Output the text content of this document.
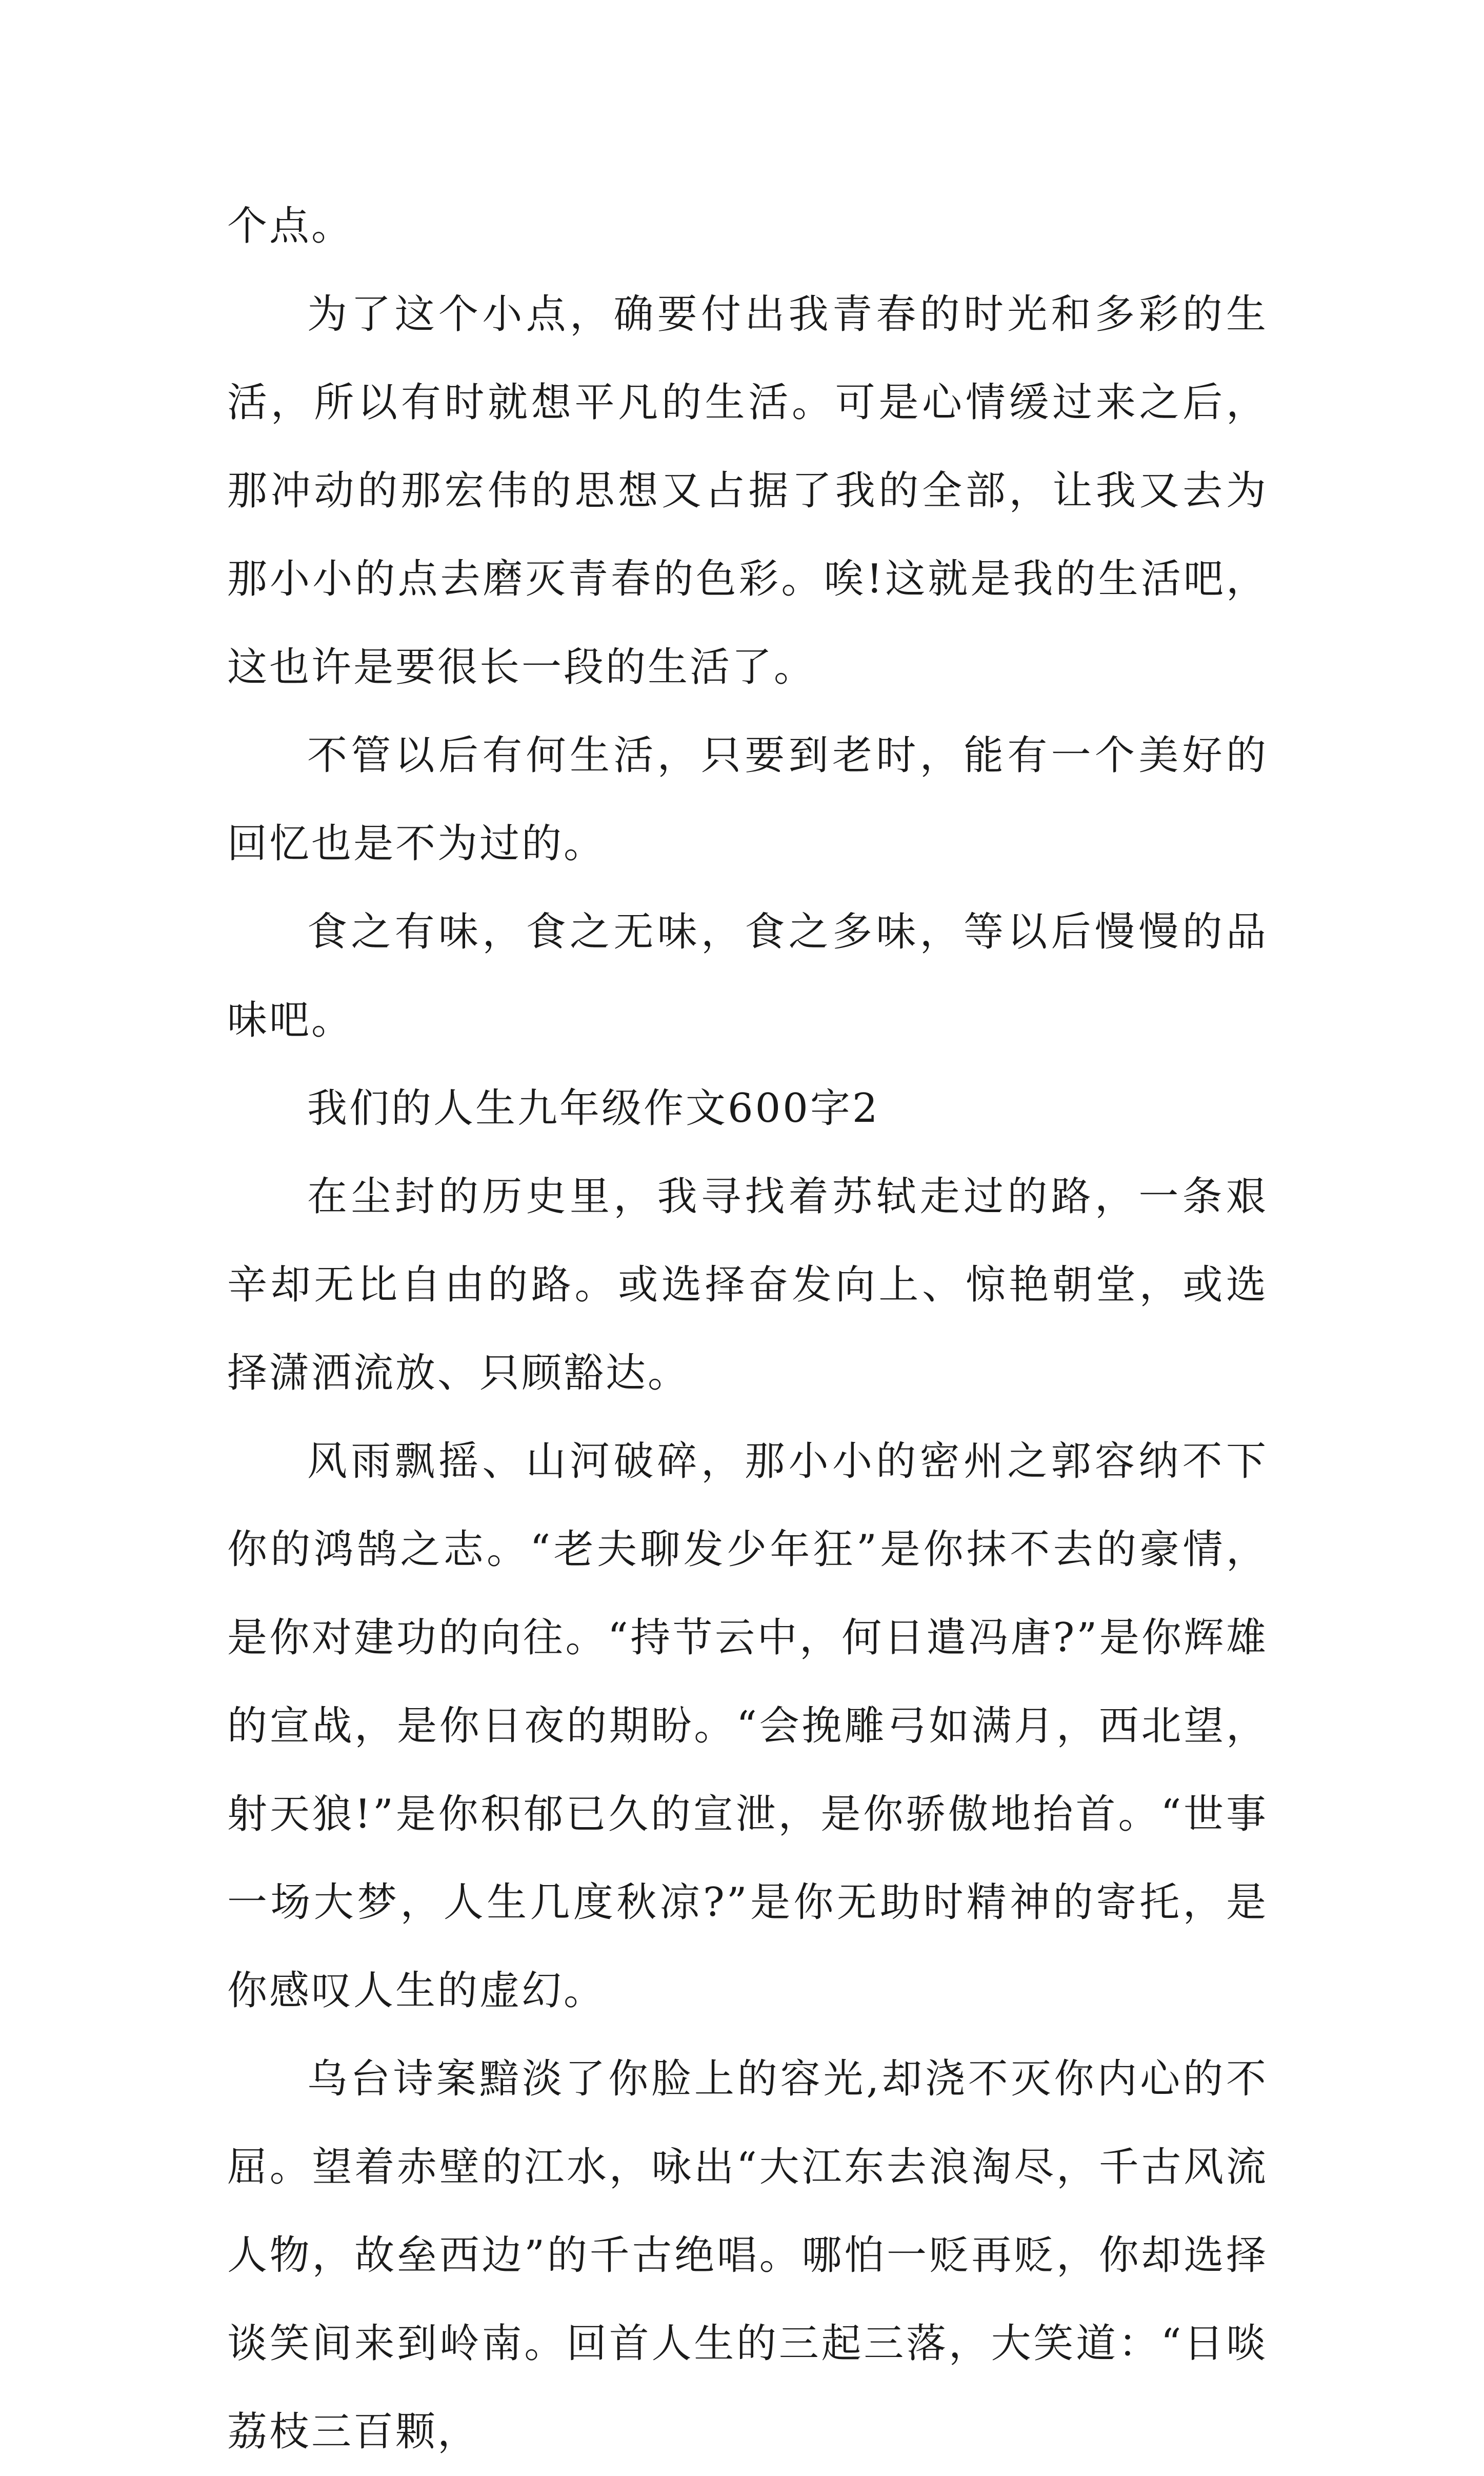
个点。

为了这个小点，确要付出我青春的时光和多彩的生活，所以有时就想平凡的生活。可是心情缓过来之后，那冲动的那宏伟的思想又占据了我的全部，让我又去为那小小的点去磨灭青春的色彩。唉!这就是我的生活吧，这也许是要很长一段的生活了。

不管以后有何生活，只要到老时，能有一个美好的回忆也是不为过的。

食之有味，食之无味，食之多味，等以后慢慢的品味吧。

我们的人生九年级作文600字2

在尘封的历史里，我寻找着苏轼走过的路，一条艰辛却无比自由的路。或选择奋发向上、惊艳朝堂，或选择潇洒流放、只顾豁达。

风雨飘摇、山河破碎，那小小的密州之郭容纳不下你的鸿鹄之志。“老夫聊发少年狂”是你抹不去的豪情，是你对建功的向往。“持节云中，何日遣冯唐?”是你辉雄的宣战，是你日夜的期盼。“会挽雕弓如满月，西北望，射天狼!”是你积郁已久的宣泄，是你骄傲地抬首。“世事一场大梦，人生几度秋凉?”是你无助时精神的寄托，是你感叹人生的虚幻。

乌台诗案黯淡了你脸上的容光,却浇不灭你内心的不屈。望着赤壁的江水，咏出“大江东去浪淘尽，千古风流人物，故垒西边”的千古绝唱。哪怕一贬再贬，你却选择谈笑间来到岭南。回首人生的三起三落，大笑道：“日啖荔枝三百颗，
